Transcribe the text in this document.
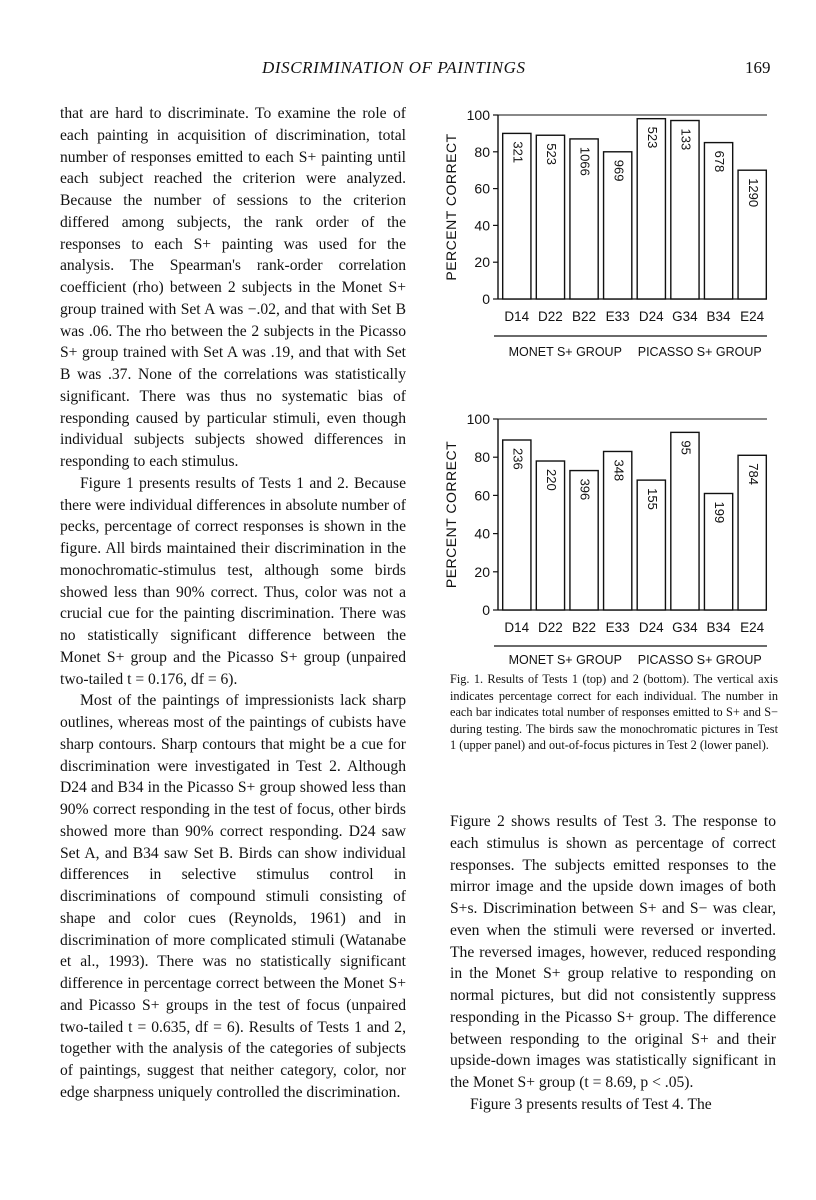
DISCRIMINATION OF PAINTINGS	169

that are hard to discriminate. To examine the role of each painting in acquisition of discrimination, total number of responses emitted to each S+ painting until each subject reached the criterion were analyzed. Because the number of sessions to the criterion differed among subjects, the rank order of the responses to each S+ painting was used for the analysis. The Spearman's rank-order correlation coefficient (rho) between 2 subjects in the Monet S+ group trained with Set A was −.02, and that with Set B was .06. The rho between the 2 subjects in the Picasso S+ group trained with Set A was .19, and that with Set B was .37. None of the correlations was statistically significant. There was thus no systematic bias of responding caused by particular stimuli, even though individual subjects subjects showed differences in responding to each stimulus.

Figure 1 presents results of Tests 1 and 2. Because there were individual differences in absolute number of pecks, percentage of correct responses is shown in the figure. All birds maintained their discrimination in the monochromatic-stimulus test, although some birds showed less than 90% correct. Thus, color was not a crucial cue for the painting discrimination. There was no statistically significant difference between the Monet S+ group and the Picasso S+ group (unpaired two-tailed t = 0.176, df = 6).

Most of the paintings of impressionists lack sharp outlines, whereas most of the paintings of cubists have sharp contours. Sharp contours that might be a cue for discrimination were investigated in Test 2. Although D24 and B34 in the Picasso S+ group showed less than 90% correct responding in the test of focus, other birds showed more than 90% correct responding. D24 saw Set A, and B34 saw Set B. Birds can show individual differences in selective stimulus control in discriminations of compound stimuli consisting of shape and color cues (Reynolds, 1961) and in discrimination of more complicated stimuli (Watanabe et al., 1993). There was no statistically significant difference in percentage correct between the Monet S+ and Picasso S+ groups in the test of focus (unpaired two-tailed t = 0.635, df = 6). Results of Tests 1 and 2, together with the analysis of the categories of subjects of paintings, suggest that neither category, color, nor edge sharpness uniquely controlled the discrimination.

0
20
40
60
80
100
PERCENT CORRECT	321
D14
523
D22
1066
B22
969
E33
523
D24
133
G34
678
B34
1290
E24
MONET S+ GROUP PICASSO S+ GROUP
0
20
40
60
80
100
PERCENT CORRECT	236
D14
220
D22
396
B22
348
E33
155
D24
95
G34
199
B34
784
E24
MONET S+ GROUP PICASSO S+ GROUP
Fig. 1. Results of Tests 1 (top) and 2 (bottom). The vertical axis indicates percentage correct for each individual. The number in each bar indicates total number of responses emitted to S+ and S− during testing. The birds saw the monochromatic pictures in Test 1 (upper panel) and out-of-focus pictures in Test 2 (lower panel).

Figure 2 shows results of Test 3. The response to each stimulus is shown as percentage of correct responses. The subjects emitted responses to the mirror image and the upside down images of both S+s. Discrimination between S+ and S− was clear, even when the stimuli were reversed or inverted. The reversed images, however, reduced responding in the Monet S+ group relative to responding on normal pictures, but did not consistently suppress responding in the Picasso S+ group. The difference between responding to the original S+ and their upside-down images was statistically significant in the Monet S+ group (t = 8.69, p < .05).

Figure 3 presents results of Test 4. The
